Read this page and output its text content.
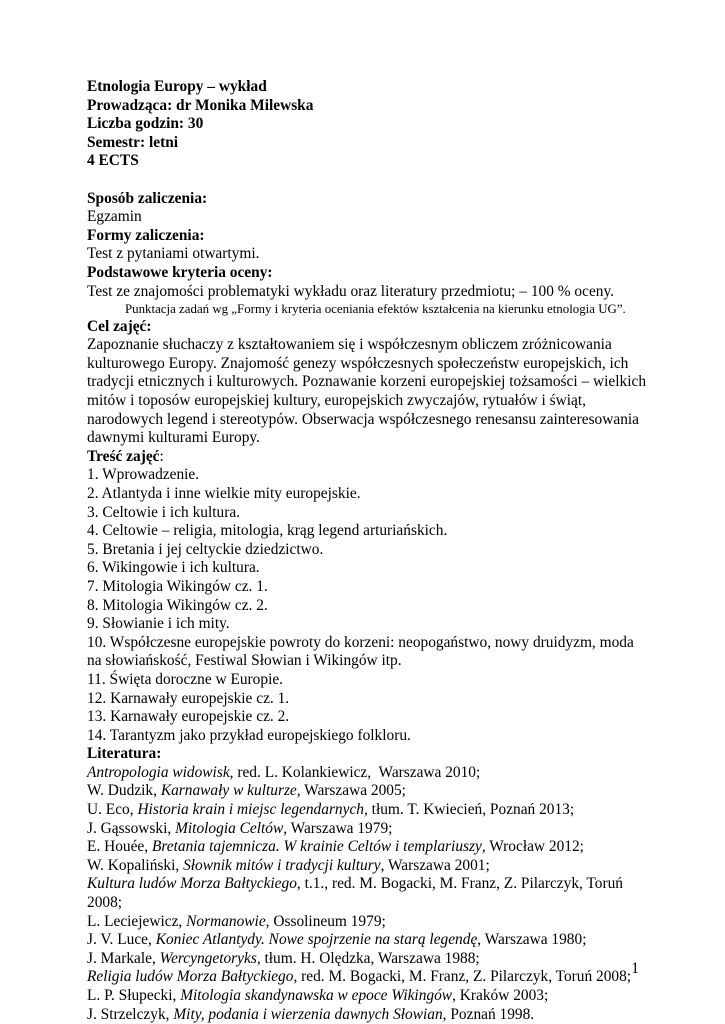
Etnologia Europy – wykład
Prowadząca: dr Monika Milewska
Liczba godzin: 30
Semestr: letni
4 ECTS
Sposób zaliczenia:
Egzamin
Formy zaliczenia:
Test z pytaniami otwartymi.
Podstawowe kryteria oceny:
Test ze znajomości problematyki wykładu oraz literatury przedmiotu; – 100 % oceny.
Punktacja zadań wg „Formy i kryteria oceniania efektów kształcenia na kierunku etnologia UG”.
Cel zajęć:
Zapoznanie słuchaczy z kształtowaniem się i współczesnym obliczem zróżnicowania kulturowego Europy. Znajomość genezy współczesnych społeczeństw europejskich, ich tradycji etnicznych i kulturowych. Poznawanie korzeni europejskiej tożsamości – wielkich mitów i toposów europejskiej kultury, europejskich zwyczajów, rytuałów i świąt, narodowych legend i stereotypów. Obserwacja współczesnego renesansu zainteresowania dawnymi kulturami Europy.
Treść zajęć:
1. Wprowadzenie.
2. Atlantyda i inne wielkie mity europejskie.
3. Celtowie i ich kultura.
4. Celtowie – religia, mitologia, krąg legend arturiańskich.
5. Bretania i jej celtyckie dziedzictwo.
6. Wikingowie i ich kultura.
7. Mitologia Wikingów cz. 1.
8. Mitologia Wikingów cz. 2.
9. Słowianie i ich mity.
10. Współczesne europejskie powroty do korzeni: neopogaństwo, nowy druidyzm, moda na słowiańskość, Festiwal Słowian i Wikingów itp.
11. Święta doroczne w Europie.
12. Karnawały europejskie cz. 1.
13. Karnawały europejskie cz. 2.
14. Tarantyzm jako przykład europejskiego folkloru.
Literatura:
Antropologia widowisk, red. L. Kolankiewicz,  Warszawa 2010;
W. Dudzik, Karnawały w kulturze, Warszawa 2005;
U. Eco, Historia krain i miejsc legendarnych, tłum. T. Kwiecień, Poznań 2013;
J. Gąssowski, Mitologia Celtów, Warszawa 1979;
E. Houée, Bretania tajemnicza. W krainie Celtów i templariuszy, Wrocław 2012;
W. Kopaliński, Słownik mitów i tradycji kultury, Warszawa 2001;
Kultura ludów Morza Bałtyckiego, t.1., red. M. Bogacki, M. Franz, Z. Pilarczyk, Toruń 2008;
L. Leciejewicz, Normanowie, Ossolineum 1979;
J. V. Luce, Koniec Atlantydy. Nowe spojrzenie na starą legendę, Warszawa 1980;
J. Markale, Wercyngetoryks, tłum. H. Olędzka, Warszawa 1988;
Religia ludów Morza Bałtyckiego, red. M. Bogacki, M. Franz, Z. Pilarczyk, Toruń 2008;
L. P. Słupecki, Mitologia skandynawska w epoce Wikingów, Kraków 2003;
J. Strzelczyk, Mity, podania i wierzenia dawnych Słowian, Poznań 1998.
1
